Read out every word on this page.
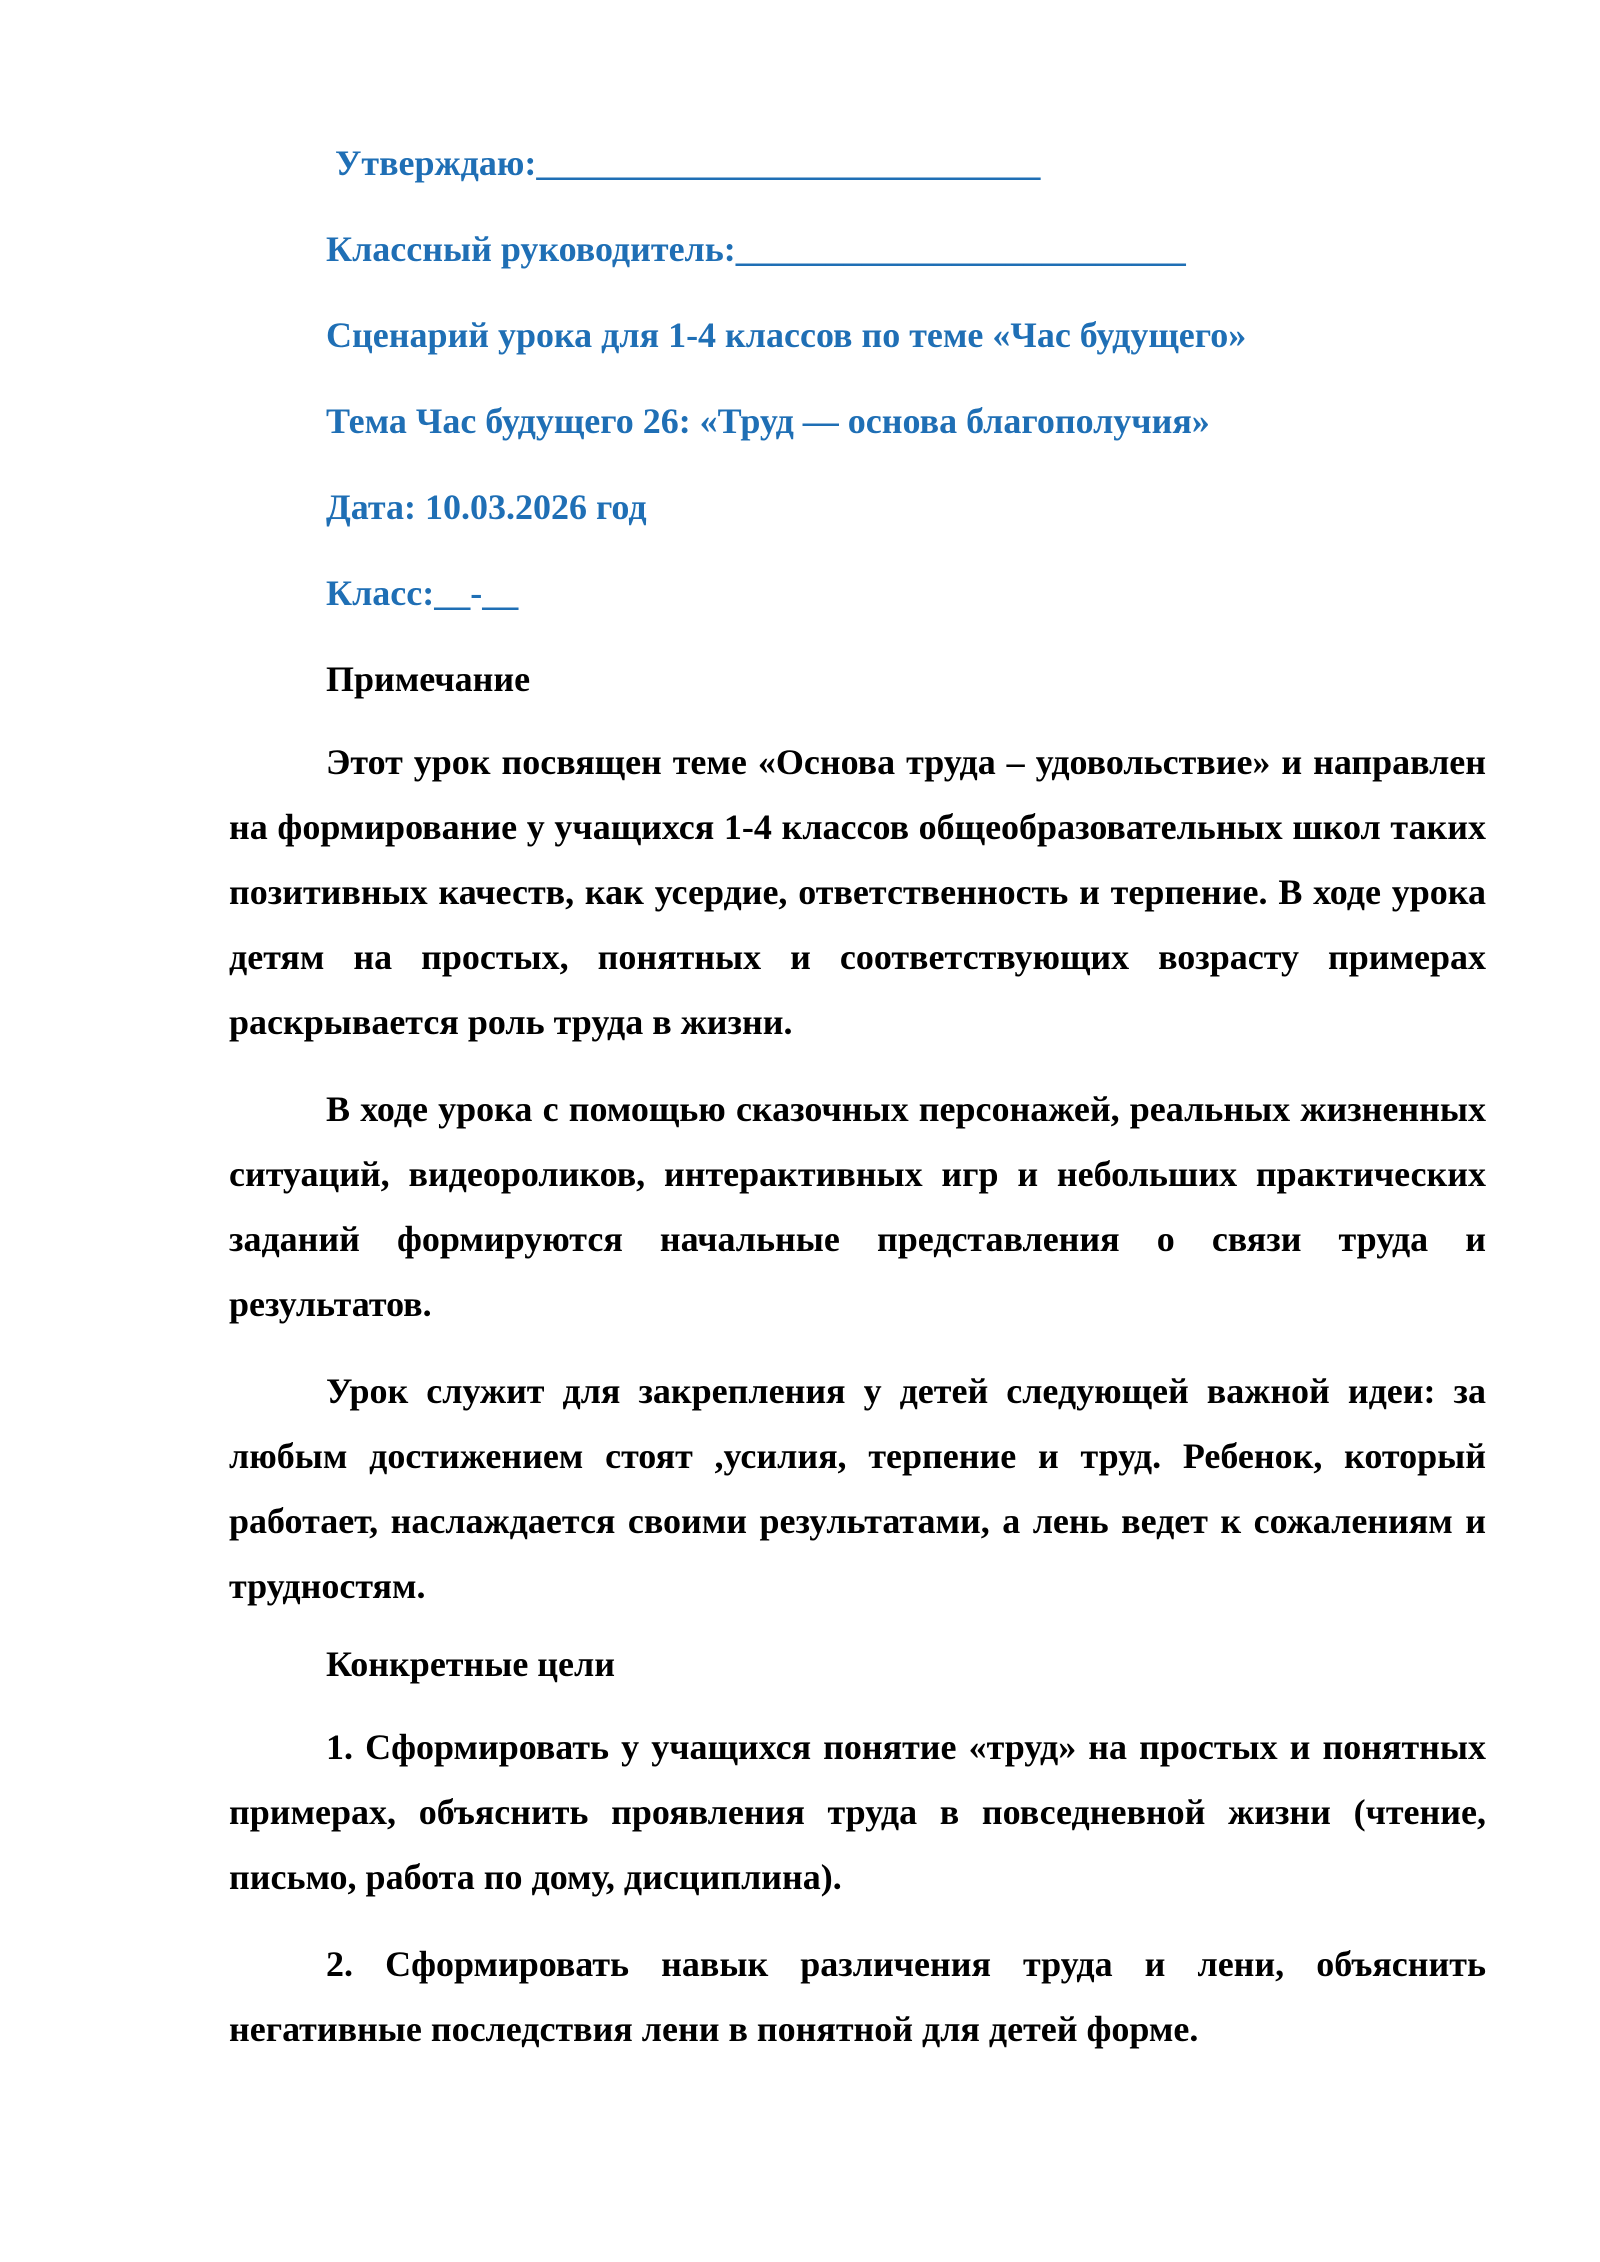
Утверждаю:____________________________
Классный руководитель:_________________________
Сценарий урока для 1-4 классов по теме «Час будущего»
Тема Час будущего 26: «Труд — основа благополучия»
Дата: 10.03.2026 год
Класс:__-__
Примечание

Этот урок посвящен теме «Основа труда – удовольствие» и направлен на формирование у учащихся 1-4 классов общеобразовательных школ таких позитивных качеств, как усердие, ответственность и терпение. В ходе урока детям на простых, понятных и соответствующих возрасту примерах раскрывается роль труда в жизни.

В ходе урока с помощью сказочных персонажей, реальных жизненных ситуаций, видеороликов, интерактивных игр и небольших практических заданий формируются начальные представления о связи труда и результатов.

Урок служит для закрепления у детей следующей важной идеи: за любым достижением стоят ,усилия, терпение и труд. Ребенок, который работает, наслаждается своими результатами, а лень ведет к сожалениям и трудностям.

Конкретные цели

1. Сформировать у учащихся понятие «труд» на простых и понятных примерах, объяснить проявления труда в повседневной жизни (чтение, письмо, работа по дому, дисциплина).

2. Сформировать навык различения труда и лени, объяснить негативные последствия лени в понятной для детей форме.
